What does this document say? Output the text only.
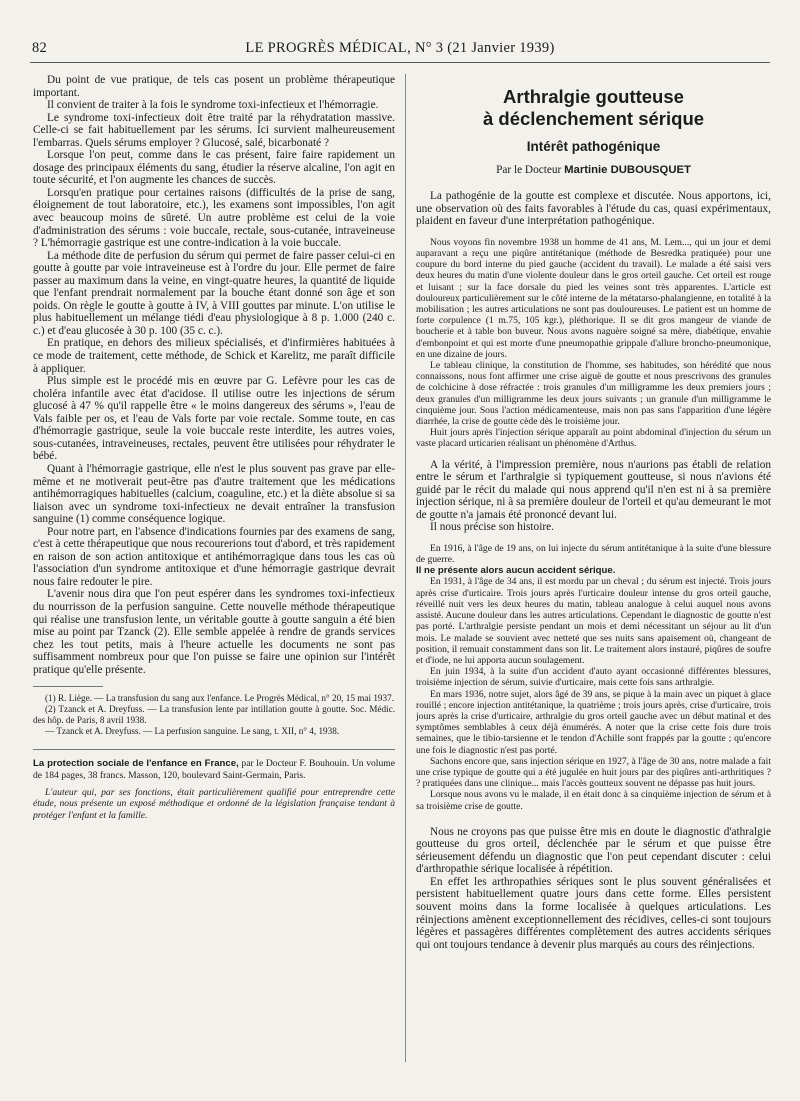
82	LE PROGRÈS MÉDICAL, N° 3 (21 Janvier 1939)

Du point de vue pratique, de tels cas posent un problème thérapeutique important.

Il convient de traiter à la fois le syndrome toxi-infectieux et l'hémorragie.

Le syndrome toxi-infectieux doit être traité par la réhydratation massive. Celle-ci se fait habituellement par les sérums. Ici survient malheureusement l'embarras. Quels sérums employer ? Glucosé, salé, bicarbonaté ?

Lorsque l'on peut, comme dans le cas présent, faire faire rapidement un dosage des principaux éléments du sang, étudier la réserve alcaline, l'on agit en toute sécurité, et l'on augmente les chances de succès.

Lorsqu'en pratique pour certaines raisons (difficultés de la prise de sang, éloignement de tout laboratoire, etc.), les examens sont impossibles, l'on agit avec beaucoup moins de sûreté. Un autre problème est celui de la voie d'administration des sérums : voie buccale, rectale, sous-cutanée, intraveineuse ? L'hémorragie gastrique est une contre-indication à la voie buccale.

La méthode dite de perfusion du sérum qui permet de faire passer celui-ci en goutte à goutte par voie intraveineuse est à l'ordre du jour. Elle permet de faire passer au maximum dans la veine, en vingt-quatre heures, la quantité de liquide que l'enfant prendrait normalement par la bouche étant donné son âge et son poids. On règle le goutte à goutte à IV, à VIII gouttes par minute. L'on utilise le plus habituellement un mélange tiédi d'eau physiologique à 8 p. 1.000 (240 c. c.) et d'eau glucosée à 30 p. 100 (35 c. c.).

En pratique, en dehors des milieux spécialisés, et d'infirmières habituées à ce mode de traitement, cette méthode, de Schick et Karelitz, me paraît difficile à appliquer.

Plus simple est le procédé mis en œuvre par G. Lefèvre pour les cas de choléra infantile avec état d'acidose. Il utilise outre les injections de sérum glucosé à 47 % qu'il rappelle être « le moins dangereux des sérums », l'eau de Vals faible per os, et l'eau de Vals forte par voie rectale. Somme toute, en cas d'hémorragie gastrique, seule la voie buccale reste interdite, les autres voies, sous-cutanées, intraveineuses, rectales, peuvent être utilisées pour réhydrater le bébé.

Quant à l'hémorragie gastrique, elle n'est le plus souvent pas grave par elle-même et ne motiverait peut-être pas d'autre traitement que les médications antihémorragiques habituelles (calcium, coaguline, etc.) et la diète absolue si sa liaison avec un syndrome toxi-infectieux ne devait entraîner la transfusion sanguine (1) comme conséquence logique.

Pour notre part, en l'absence d'indications fournies par des examens de sang, c'est à cette thérapeutique que nous recourerions tout d'abord, et très rapidement en raison de son action antitoxique et antihémorragique dans tous les cas où l'association d'un syndrome antitoxique et d'une hémorragie gastrique devrait nous faire redouter le pire.

L'avenir nous dira que l'on peut espérer dans les syndromes toxi-infectieux du nourrisson de la perfusion sanguine. Cette nouvelle méthode thérapeutique qui réalise une transfusion lente, un véritable goutte à goutte sanguin a été bien mise au point par Tzanck (2). Elle semble appelée à rendre de grands services chez les tout petits, mais à l'heure actuelle les documents ne sont pas suffisamment nombreux pour que l'on puisse se faire une opinion sur l'intérêt pratique qu'elle présente.

(1) R. Liège. — La transfusion du sang aux l'enfance. Le Progrès Médical, n° 20, 15 mai 1937.

(2) Tzanck et A. Dreyfuss. — La transfusion lente par intillation goutte à goutte. Soc. Médic. des hôp. de Paris, 8 avril 1938.

— Tzanck et A. Dreyfuss. — La perfusion sanguine. Le sang, t. XII, n° 4, 1938.

La protection sociale de l'enfance en France, par le Docteur F. Bouhouin. Un volume de 184 pages, 38 francs. Masson, 120, boulevard Saint-Germain, Paris.

L'auteur qui, par ses fonctions, était particulièrement qualifié pour entreprendre cette étude, nous présente un exposé méthodique et ordonné de la législation française tendant à protéger l'enfant et la famille.

Arthralgie goutteuse
à déclenchement sérique
Intérêt pathogénique
Par le Docteur Martinie DUBOUSQUET

La pathogénie de la goutte est complexe et discutée. Nous apportons, ici, une observation où des faits favorables à l'étude du cas, quasi expérimentaux, plaident en faveur d'une interprétation pathogénique.

Nous voyons fin novembre 1938 un homme de 41 ans, M. Lem..., qui un jour et demi auparavant a reçu une piqûre antitétanique (méthode de Besredka pratiquée) pour une coupure du bord interne du pied gauche (accident du travail). Le malade a été saisi vers deux heures du matin d'une violente douleur dans le gros orteil gauche. Cet orteil est rouge et luisant ; sur la face dorsale du pied les veines sont très apparentes. L'article est douloureux particulièrement sur le côté interne de la métatarso-phalangienne, en totalité à la mobilisation ; les autres articulations ne sont pas douloureuses. Le patient est un homme de forte corpulence (1 m.75, 105 kgr.), pléthorique. Il se dit gros mangeur de viande de boucherie et à table bon buveur. Nous avons naguère soigné sa mère, diabétique, envahie d'embonpoint et qui est morte d'une pneumopathie grippale d'allure broncho-pneumonique, en une dizaine de jours.

Le tableau clinique, la constitution de l'homme, ses habitudes, son hérédité que nous connaissons, nous font affirmer une crise aiguë de goutte et nous prescrivons des granules de colchicine à dose réfractée : trois granules d'un milligramme les deux premiers jours ; deux granules d'un milligramme les deux jours suivants ; un granule d'un milligramme le cinquième jour. Sous l'action médicamenteuse, mais non pas sans l'apparition d'une légère diarrhée, la crise de goutte cède dès le troisième jour.

Huit jours après l'injection sérique apparaît au point abdominal d'injection du sérum un vaste placard urticarien réalisant un phénomène d'Arthus.

A la vérité, à l'impression première, nous n'aurions pas établi de relation entre le sérum et l'arthralgie si typiquement goutteuse, si nous n'avions été guidé par le récit du malade qui nous apprend qu'il n'en est ni à sa première injection sérique, ni à sa première douleur de l'orteil et qu'au demeurant le mot de goutte n'a jamais été prononcé devant lui.

Il nous précise son histoire.

En 1916, à l'âge de 19 ans, on lui injecte du sérum antitétanique à la suite d'une blessure de guerre.

Il ne présente alors aucun accident sérique.

En 1931, à l'âge de 34 ans, il est mordu par un cheval ; du sérum est injecté. Trois jours après crise d'urticaire. Trois jours après l'urticaire douleur intense du gros orteil gauche, réveillé nuit vers les deux heures du matin, tableau analogue à celui auquel nous avons assisté. Aucune douleur dans les autres articulations. Cependant le diagnostic de goutte n'est pas porté. L'arthralgie persiste pendant un mois et demi nécessitant un séjour au lit d'un mois. Le malade se souvient avec netteté que ses nuits sans apaisement où, changeant de position, il remuait constamment dans son lit. Le traitement alors instauré, piqûres de soufre et d'iode, ne lui apporta aucun soulagement.

En juin 1934, à la suite d'un accident d'auto ayant occasionné différentes blessures, troisième injection de sérum, suivie d'urticaire, mais cette fois sans arthralgie.

En mars 1936, notre sujet, alors âgé de 39 ans, se pique à la main avec un piquet à glace rouillé ; encore injection antitétanique, la quatrième ; trois jours après, crise d'urticaire, trois jours après la crise d'urticaire, arthralgie du gros orteil gauche avec un début matinal et des symptômes semblables à ceux déjà énumérés. A noter que la crise cette fois dure trois semaines, que le tibio-tarsienne et le tendon d'Achille sont frappés par la goutte ; qu'encore une fois le diagnostic n'est pas porté.

Sachons encore que, sans injection sérique en 1927, à l'âge de 30 ans, notre malade a fait une crise typique de goutte qui a été jugulée en huit jours par des piqûres anti-arthritiques ? ? pratiquées dans une clinique... mais l'accès goutteux souvent ne dépasse pas huit jours.

Lorsque nous avons vu le malade, il en était donc à sa cinquième injection de sérum et à sa troisième crise de goutte.

Nous ne croyons pas que puisse être mis en doute le diagnostic d'athralgie goutteuse du gros orteil, déclenchée par le sérum et que puisse être sérieusement défendu un diagnostic que l'on peut cependant discuter : celui d'arthropathie sérique localisée à répétition.

En effet les arthropathies sériques sont le plus souvent généralisées et persistent habituellement quatre jours dans cette forme. Elles persistent souvent moins dans la forme localisée à quelques articulations. Les réinjections amènent exceptionnellement des récidives, celles-ci sont toujours légères et passagères différentes complètement des autres accidents sériques qui ont toujours tendance à devenir plus marqués au cours des réinjections.
